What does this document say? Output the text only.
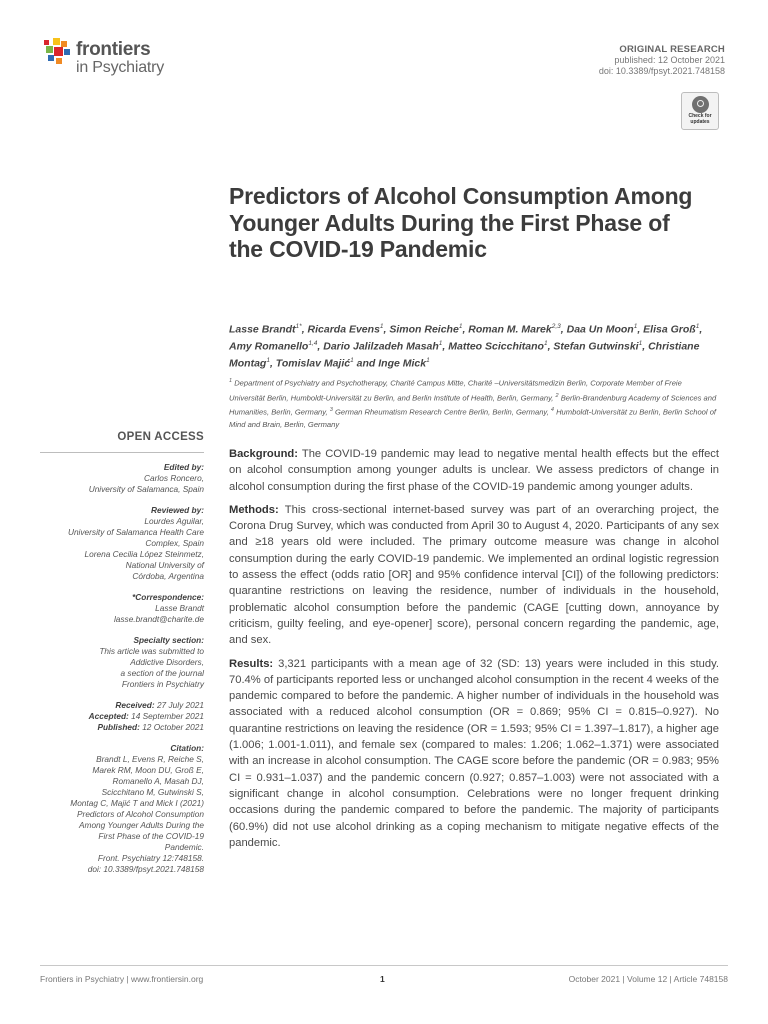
frontiers
in Psychiatry
ORIGINAL RESEARCH
published: 12 October 2021
doi: 10.3389/fpsyt.2021.748158
Check for
updates
Predictors of Alcohol Consumption Among Younger Adults During the First Phase of the COVID-19 Pandemic
Lasse Brandt$^{1*}$, Ricarda Evens$^1$, Simon Reiche$^1$, Roman M. Marek$^{2,3}$, Daa Un Moon$^1$, Elisa Groß$^1$, Amy Romanello$^{1,4}$, Dario Jalilzadeh Masah$^1$, Matteo Scicchitano$^1$, Stefan Gutwinski$^1$, Christiane Montag$^1$, Tomislav Majić$^1$ and Inge Mick$^1$
$^1$ Department of Psychiatry and Psychotherapy, Charité Campus Mitte, Charité –Universitätsmedizin Berlin, Corporate Member of Freie Universität Berlin, Humboldt-Universität zu Berlin, and Berlin Institute of Health, Berlin, Germany, $^2$ Berlin-Brandenburg Academy of Sciences and Humanities, Berlin, Germany, $^3$ German Rheumatism Research Centre Berlin, Berlin, Germany, $^4$ Humboldt-Universität zu Berlin, Berlin School of Mind and Brain, Berlin, Germany
OPEN ACCESS
Edited by:
Carlos Roncero,
University of Salamanca, Spain
Reviewed by:
Lourdes Aguilar,
University of Salamanca Health Care
Complex, Spain
Lorena Cecilia López Steinmetz,
National University of
Córdoba, Argentina
*Correspondence:
Lasse Brandt
lasse.brandt@charite.de
Specialty section:
This article was submitted to
Addictive Disorders,
a section of the journal
Frontiers in Psychiatry
Received: 27 July 2021
Accepted: 14 September 2021
Published: 12 October 2021
Citation:
Brandt L, Evens R, Reiche S,
Marek RM, Moon DU, Groß E,
Romanello A, Masah DJ,
Scicchitano M, Gutwinski S,
Montag C, Majić T and Mick I (2021)
Predictors of Alcohol Consumption
Among Younger Adults During the
First Phase of the COVID-19
Pandemic.
Front. Psychiatry 12:748158.
doi: 10.3389/fpsyt.2021.748158

Background: The COVID-19 pandemic may lead to negative mental health effects but the effect on alcohol consumption among younger adults is unclear. We assess predictors of change in alcohol consumption during the first phase of the COVID-19 pandemic among younger adults.

Methods: This cross-sectional internet-based survey was part of an overarching project, the Corona Drug Survey, which was conducted from April 30 to August 4, 2020. Participants of any sex and ≥18 years old were included. The primary outcome measure was change in alcohol consumption during the early COVID-19 pandemic. We implemented an ordinal logistic regression to assess the effect (odds ratio [OR] and 95% confidence interval [CI]) of the following predictors: quarantine restrictions on leaving the residence, number of individuals in the household, problematic alcohol consumption before the pandemic (CAGE [cutting down, annoyance by criticism, guilty feeling, and eye-opener] score), personal concern regarding the pandemic, age, and sex.

Results: 3,321 participants with a mean age of 32 (SD: 13) years were included in this study. 70.4% of participants reported less or unchanged alcohol consumption in the recent 4 weeks of the pandemic compared to before the pandemic. A higher number of individuals in the household was associated with a reduced alcohol consumption (OR = 0.869; 95% CI = 0.815–0.927). No quarantine restrictions on leaving the residence (OR = 1.593; 95% CI = 1.397–1.817), a higher age (1.006; 1.001-1.011), and female sex (compared to males: 1.206; 1.062–1.371) were associated with an increase in alcohol consumption. The CAGE score before the pandemic (OR = 0.983; 95% CI = 0.931–1.037) and the pandemic concern (0.927; 0.857–1.003) were not associated with a significant change in alcohol consumption. Celebrations were no longer frequent drinking occasions during the pandemic compared to before the pandemic. The majority of participants (60.9%) did not use alcohol drinking as a coping mechanism to mitigate negative effects of the pandemic.

Frontiers in Psychiatry | www.frontiersin.org	1	October 2021 | Volume 12 | Article 748158
